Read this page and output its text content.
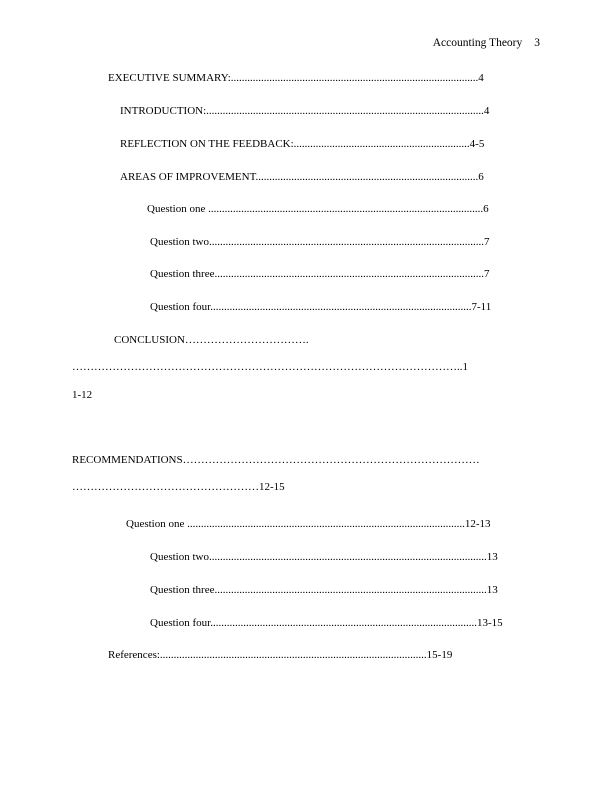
Accounting Theory 3
EXECUTIVE SUMMARY:..........................................................................................4
INTRODUCTION:.....................................................................................................4
REFLECTION ON THE FEEDBACK:................................................................4-5
AREAS OF IMPROVEMENT.................................................................................6
Question one ....................................................................................................6
Question two....................................................................................................7
Question three..................................................................................................7
Question four...............................................................................................7-11
CONCLUSION…………………………….
……………………………………………………………………………………………..1
1-12
RECOMMENDATIONS………………………………………………………………………
……………………………………………12-15
Question one .....................................................................................................12-13
Question two.....................................................................................................13
Question three...................................................................................................13
Question four.................................................................................................13-15
References:.................................................................................................15-19
